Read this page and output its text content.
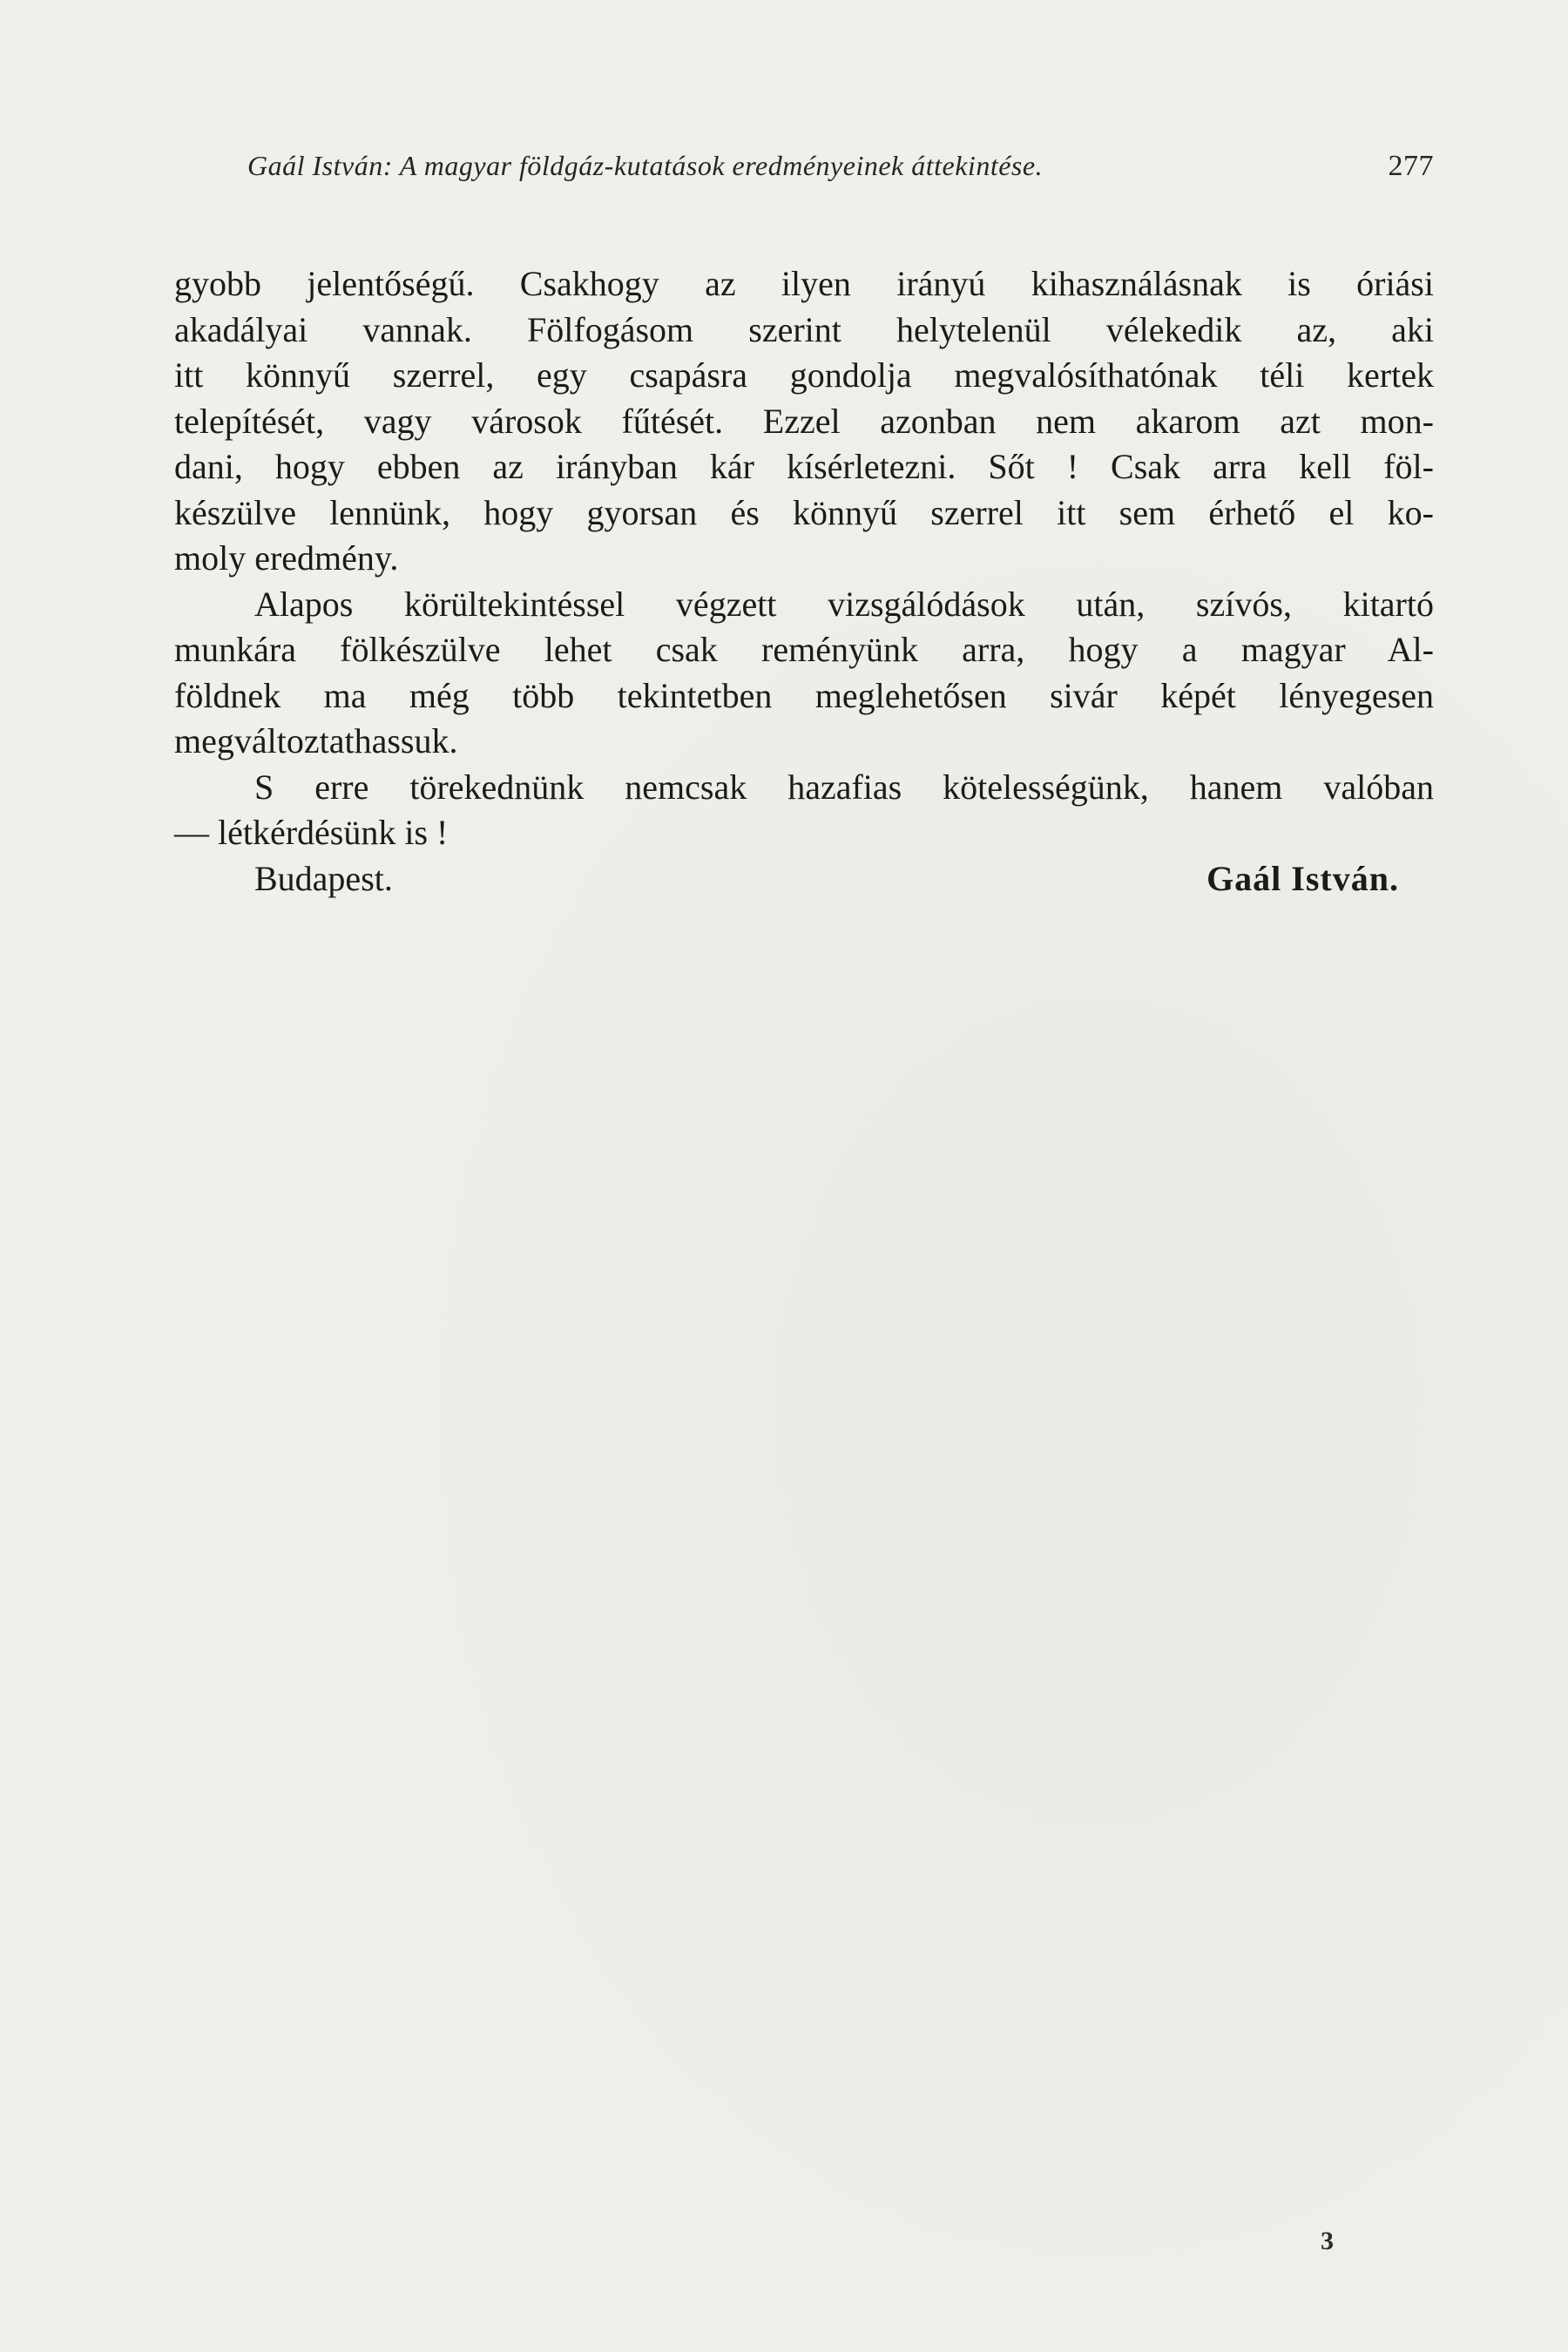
Gaál István: A magyar földgáz-kutatások eredményeinek áttekintése.	277
gyobb jelentőségű. Csakhogy az ilyen irányú kihasználásnak is óriási
akadályai vannak. Fölfogásom szerint helytelenül vélekedik az, aki
itt könnyű szerrel, egy csapásra gondolja megvalósíthatónak téli kertek
telepítését, vagy városok fűtését. Ezzel azonban nem akarom azt mon-
dani, hogy ebben az irányban kár kísérletezni. Sőt ! Csak arra kell föl-
készülve lennünk, hogy gyorsan és könnyű szerrel itt sem érhető el ko-
moly eredmény.
Alapos körültekintéssel végzett vizsgálódások után, szívós, kitartó
munkára fölkészülve lehet csak reményünk arra, hogy a magyar Al-
földnek ma még több tekintetben meglehetősen sivár képét lényegesen
megváltoztathassuk.
S erre törekednünk nemcsak hazafias kötelességünk, hanem valóban
— létkérdésünk is !
Budapest.	Gaál István.
3
